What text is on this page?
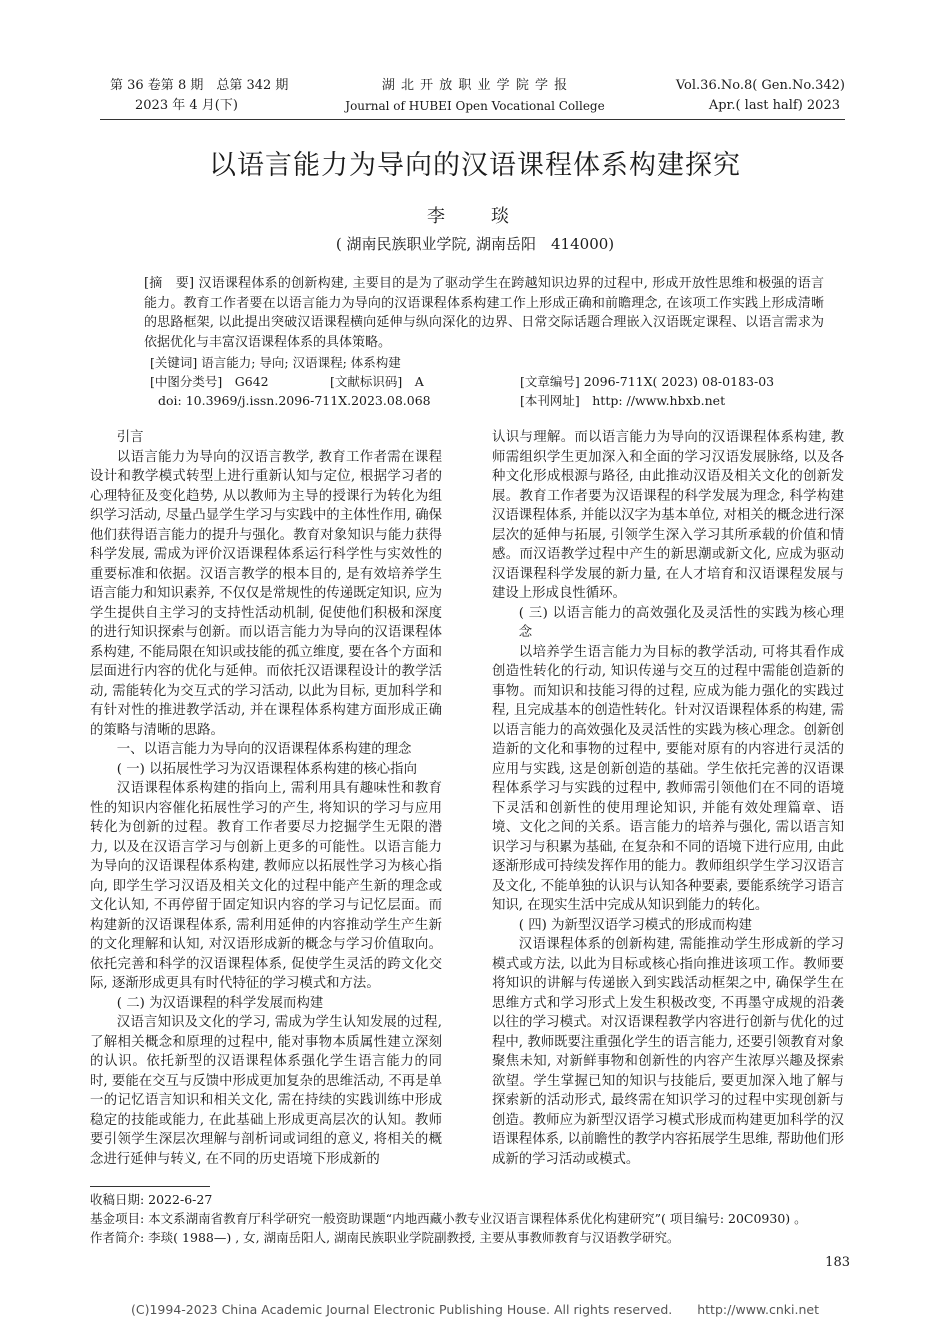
第 36 卷第 8 期　总第 342 期
2023 年 4 月(下)
湖 北 开 放 职 业 学 院 学 报
Journal of HUBEI Open Vocational College
Vol.36.No.8( Gen.No.342)
Apr.( last half) 2023
以语言能力为导向的汉语课程体系构建探究
李　琰
( 湖南民族职业学院, 湖南岳阳　414000)
[摘　要] 汉语课程体系的创新构建, 主要目的是为了驱动学生在跨越知识边界的过程中, 形成开放性思维和极强的语言能力。教育工作者要在以语言能力为导向的汉语课程体系构建工作上形成正确和前瞻理念, 在该项工作实践上形成清晰的思路框架, 以此提出突破汉语课程横向延伸与纵向深化的边界、日常交际话题合理嵌入汉语既定课程、以语言需求为依据优化与丰富汉语课程体系的具体策略。
[关键词] 语言能力; 导向; 汉语课程; 体系构建
[中图分类号]　G642	[文献标识码]　A	[文章编号] 2096-711X( 2023) 08-0183-03
doi: 10.3969/j.issn.2096-711X.2023.08.068	[本刊网址]　http: //www.hbxb.net

引言

以语言能力为导向的汉语言教学, 教育工作者需在课程设计和教学模式转型上进行重新认知与定位, 根据学习者的心理特征及变化趋势, 从以教师为主导的授课行为转化为组织学习活动, 尽量凸显学生学习与实践中的主体性作用, 确保他们获得语言能力的提升与强化。教育对象知识与能力获得科学发展, 需成为评价汉语课程体系运行科学性与实效性的重要标准和依据。汉语言教学的根本目的, 是有效培养学生语言能力和知识素养, 不仅仅是常规性的传递既定知识, 应为学生提供自主学习的支持性活动机制, 促使他们积极和深度的进行知识探索与创新。而以语言能力为导向的汉语课程体系构建, 不能局限在知识或技能的孤立维度, 要在各个方面和层面进行内容的优化与延伸。而依托汉语课程设计的教学活动, 需能转化为交互式的学习活动, 以此为目标, 更加科学和有针对性的推进教学活动, 并在课程体系构建方面形成正确的策略与清晰的思路。

一、以语言能力为导向的汉语课程体系构建的理念

( 一) 以拓展性学习为汉语课程体系构建的核心指向

汉语课程体系构建的指向上, 需利用具有趣味性和教育性的知识内容催化拓展性学习的产生, 将知识的学习与应用转化为创新的过程。教育工作者要尽力挖掘学生无限的潜力, 以及在汉语言学习与创新上更多的可能性。以语言能力为导向的汉语课程体系构建, 教师应以拓展性学习为核心指向, 即学生学习汉语及相关文化的过程中能产生新的理念或文化认知, 不再停留于固定知识内容的学习与记忆层面。而构建新的汉语课程体系, 需利用延伸的内容推动学生产生新的文化理解和认知, 对汉语形成新的概念与学习价值取向。依托完善和科学的汉语课程体系, 促使学生灵活的跨文化交际, 逐渐形成更具有时代特征的学习模式和方法。

( 二) 为汉语课程的科学发展而构建

汉语言知识及文化的学习, 需成为学生认知发展的过程, 了解相关概念和原理的过程中, 能对事物本质属性建立深刻的认识。依托新型的汉语课程体系强化学生语言能力的同时, 要能在交互与反馈中形成更加复杂的思维活动, 不再是单一的记忆语言知识和相关文化, 需在持续的实践训练中形成稳定的技能或能力, 在此基础上形成更高层次的认知。教师要引领学生深层次理解与剖析词或词组的意义, 将相关的概念进行延伸与转义, 在不同的历史语境下形成新的

认识与理解。而以语言能力为导向的汉语课程体系构建, 教师需组织学生更加深入和全面的学习汉语发展脉络, 以及各种文化形成根源与路径, 由此推动汉语及相关文化的创新发展。教育工作者要为汉语课程的科学发展为理念, 科学构建汉语课程体系, 并能以汉字为基本单位, 对相关的概念进行深层次的延伸与拓展, 引领学生深入学习其所承载的价值和情感。而汉语教学过程中产生的新思潮或新文化, 应成为驱动汉语课程科学发展的新力量, 在人才培育和汉语课程发展与建设上形成良性循环。

( 三) 以语言能力的高效强化及灵活性的实践为核心理念

以培养学生语言能力为目标的教学活动, 可将其看作成创造性转化的行动, 知识传递与交互的过程中需能创造新的事物。而知识和技能习得的过程, 应成为能力强化的实践过程, 且完成基本的创造性转化。针对汉语课程体系的构建, 需以语言能力的高效强化及灵活性的实践为核心理念。创新创造新的文化和事物的过程中, 要能对原有的内容进行灵活的应用与实践, 这是创新创造的基础。学生依托完善的汉语课程体系学习与实践的过程中, 教师需引领他们在不同的语境下灵活和创新性的使用理论知识, 并能有效处理篇章、语境、文化之间的关系。语言能力的培养与强化, 需以语言知识学习与积累为基础, 在复杂和不同的语境下进行应用, 由此逐渐形成可持续发挥作用的能力。教师组织学生学习汉语言及文化, 不能单独的认识与认知各种要素, 要能系统学习语言知识, 在现实生活中完成从知识到能力的转化。

( 四) 为新型汉语学习模式的形成而构建

汉语课程体系的创新构建, 需能推动学生形成新的学习模式或方法, 以此为目标或核心指向推进该项工作。教师要将知识的讲解与传递嵌入到实践活动框架之中, 确保学生在思维方式和学习形式上发生积极改变, 不再墨守成规的沿袭以往的学习模式。对汉语课程教学内容进行创新与优化的过程中, 教师既要注重强化学生的语言能力, 还要引领教育对象聚焦未知, 对新鲜事物和创新性的内容产生浓厚兴趣及探索欲望。学生掌握已知的知识与技能后, 要更加深入地了解与探索新的活动形式, 最终需在知识学习的过程中实现创新与创造。教师应为新型汉语学习模式形成而构建更加科学的汉语课程体系, 以前瞻性的教学内容拓展学生思维, 帮助他们形成新的学习活动或模式。

收稿日期: 2022-6-27
基金项目: 本文系湖南省教育厅科学研究一般资助课题“内地西藏小教专业汉语言课程体系优化构建研究”( 项目编号: 20C0930) 。
作者简介: 李琰( 1988—) , 女, 湖南岳阳人, 湖南民族职业学院副教授, 主要从事教师教育与汉语教学研究。
183
(C)1994-2023 China Academic Journal Electronic Publishing House. All rights reserved.　　http://www.cnki.net
